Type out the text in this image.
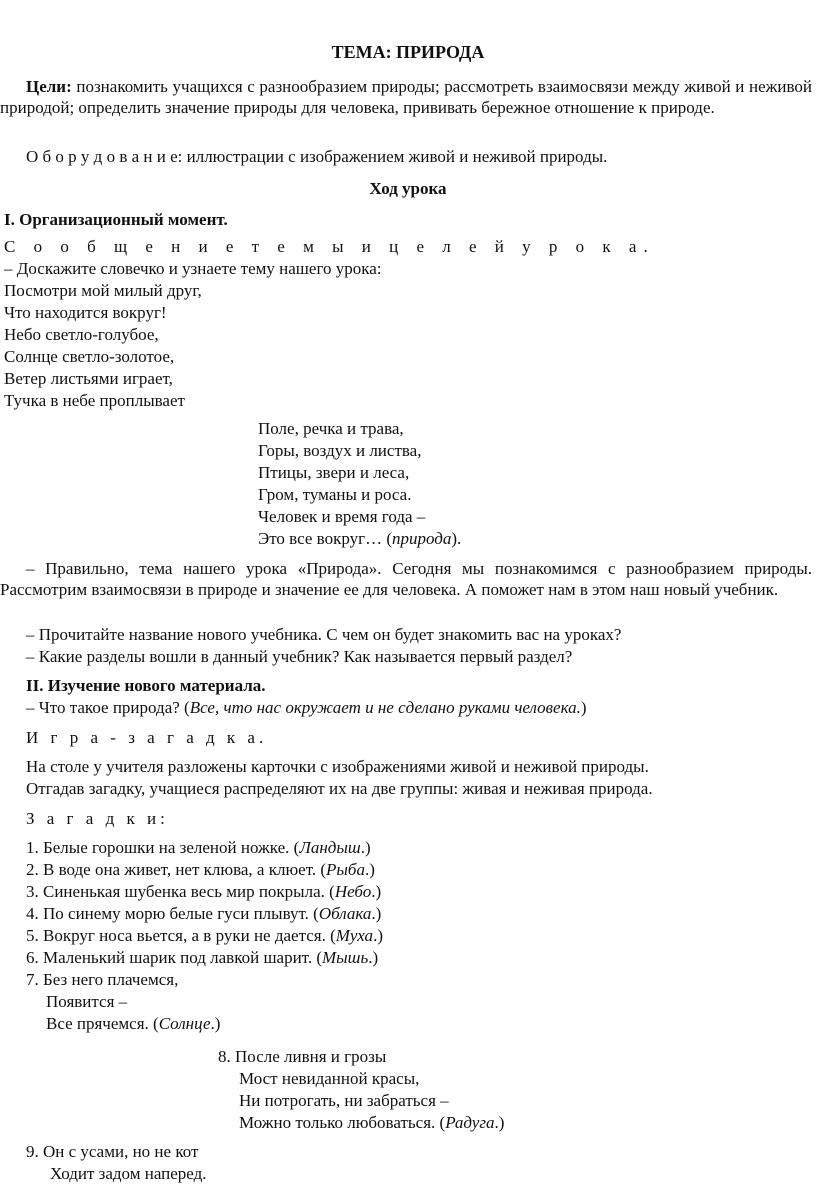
ТЕМА: ПРИРОДА
Цели: познакомить учащихся с разнообразием природы; рассмотреть взаимосвязи между живой и неживой природой; определить значение природы для человека, прививать бережное отношение к природе.
О б о р у д о в а н и е: иллюстрации с изображением живой и неживой природы.
Ход урока
I. Организационный момент.
С о о б щ е н и е т е м ы и ц е л е й у р о к а.
– Доскажите словечко и узнаете тему нашего урока:
Посмотри мой милый друг,
Что находится вокруг!
Небо светло-голубое,
Солнце светло-золотое,
Ветер листьями играет,
Тучка в небе проплывает
Поле, речка и трава,
Горы, воздух и листва,
Птицы, звери и леса,
Гром, туманы и роса.
Человек и время года –
Это все вокруг… (природа).
– Правильно, тема нашего урока «Природа». Сегодня мы познакомимся с разнообразием природы. Рассмотрим взаимосвязи в природе и значение ее для человека. А поможет нам в этом наш новый учебник.
– Прочитайте название нового учебника. С чем он будет знакомить вас на уроках?
– Какие разделы вошли в данный учебник? Как называется первый раздел?
II. Изучение нового материала.
– Что такое природа? (Все, что нас окружает и не сделано руками человека.)
И г р а - з а г а д к а.
На столе у учителя разложены карточки с изображениями живой и неживой природы.
Отгадав загадку, учащиеся распределяют их на две группы: живая и неживая природа.
З а г а д к и:
1. Белые горошки на зеленой ножке. (Ландыш.)
2. В воде она живет, нет клюва, а клюет. (Рыба.)
3. Синенькая шубенка весь мир покрыла. (Небо.)
4. По синему морю белые гуси плывут. (Облака.)
5. Вокруг носа вьется, а в руки не дается. (Муха.)
6. Маленький шарик под лавкой шарит. (Мышь.)
7. Без него плачемся,
Появится –
Все прячемся. (Солнце.)
8. После ливня и грозы
Мост невиданной красы,
Ни потрогать, ни забраться –
Можно только любоваться. (Радуга.)
9. Он с усами, но не кот
Ходит задом наперед.
